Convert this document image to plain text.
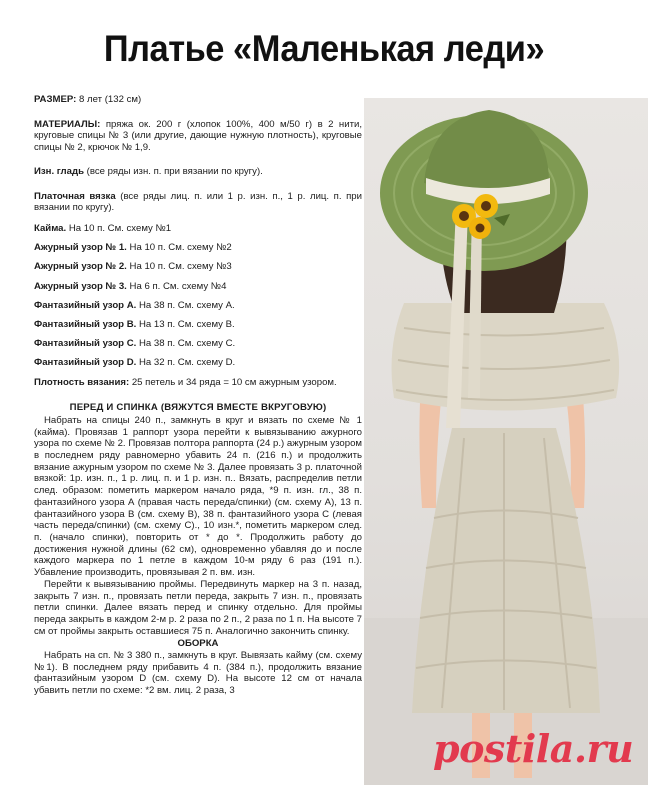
Платье «Маленькая леди»

РАЗМЕР: 8 лет (132 см)

МАТЕРИАЛЫ: пряжа ок. 200 г (хлопок 100%, 400 м/50 г) в 2 нити, круговые спицы № 3 (или другие, дающие нужную плотность), круговые спицы № 2, крючок № 1,9.

Изн. гладь (все ряды изн. п. при вязании по кругу).

Платочная вязка (все ряды лиц. п. или 1 р. изн. п., 1 р. лиц. п. при вязании по кругу).

Кайма. На 10 п. См. схему №1

Ажурный узор № 1. На 10 п. См. схему №2

Ажурный узор № 2. На 10 п. См. схему №3

Ажурный узор № 3. На 6 п. См. схему №4

Фантазийный узор А. На 38 п. См. схему А.

Фантазийный узор В. На 13 п. См. схему В.

Фантазийный узор С. На 38 п. См. схему С.

Фантазийный узор D. На 32 п. См. схему D.

Плотность вязания: 25 петель и 34 ряда = 10 см ажурным узором.

ПЕРЕД И СПИНКА (ВЯЖУТСЯ ВМЕСТЕ ВКРУГОВУЮ)

Набрать на спицы 240 п., замкнуть в круг и вязать по схеме № 1 (кайма). Провязав 1 раппорт узора перейти к вывязыванию ажурного узора по схеме № 2. Провязав полтора раппорта (24 р.) ажурным узором в последнем ряду равномерно убавить 24 п. (216 п.) и продолжить вязание ажурным узором по схеме № 3. Далее провязать 3 р. платочной вязкой: 1р. изн. п., 1 р. лиц. п. и 1 р. изн. п.. Вязать, распределив петли след. образом: пометить маркером начало ряда, *9 п. изн. гл., 38 п. фантазийного узора А (правая часть переда/спинки) (см. схему А), 13 п. фантазийного узора В (см. схему В), 38 п. фантазийного узора С (левая часть переда/спинки) (см. схему С)., 10 изн.*, пометить маркером след. п. (начало спинки), повторить от * до *. Продолжить работу до достижения нужной длины (62 см), одновременно убавляя до и после каждого маркера по 1 петле в каждом 10-м ряду 6 раз (191 п.). Убавление производить, провязывая 2 п. вм. изн.

Перейти к вывязыванию проймы. Передвинуть маркер на 3 п. назад, закрыть 7 изн. п., провязать петли переда, закрыть 7 изн. п., провязать петли спинки. Далее вязать перед и спинку отдельно. Для проймы переда закрыть в каждом 2-м р. 2 раза по 2 п., 2 раза по 1 п. На высоте 7 см от проймы закрыть оставшиеся 75 п. Аналогично закончить спинку.

ОБОРКА

Набрать на сп. № 3 380 п., замкнуть в круг. Вывязать кайму (см. схему №1). В последнем ряду прибавить 4 п. (384 п.), продолжить вязание фантазийным узором D (см. схему D). На высоте 12 см от начала убавить петли по схеме: *2 вм. лиц. 2 раза, 3

postila.ru
